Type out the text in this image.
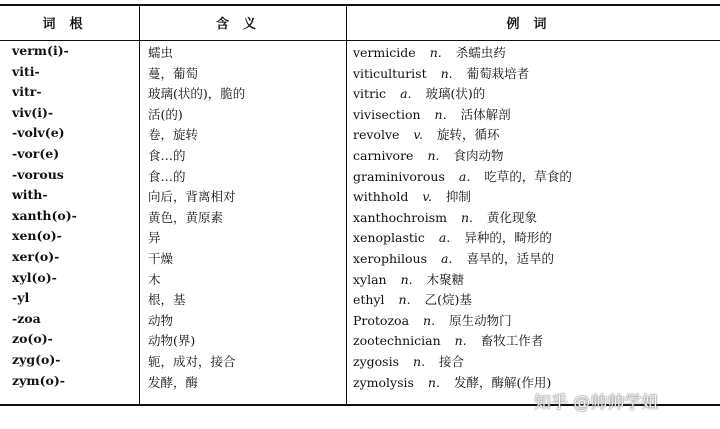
词根	含义	例词
verm(i)-	蠕虫	vermicide n. 杀蠕虫药
viti-	蔓，葡萄	viticulturist n. 葡萄栽培者
vitr-	玻璃(状的)，脆的	vitric a. 玻璃(状)的
viv(i)-	活(的)	vivisection n. 活体解剖
-volv(e)	卷，旋转	revolve v. 旋转，循环
-vor(e)	食…的	carnivore n. 食肉动物
-vorous	食…的	graminivorous a. 吃草的，草食的
with-	向后，背离相对	withhold v. 抑制
xanth(o)-	黄色，黄原素	xanthochroism n. 黄化现象
xen(o)-	异	xenoplastic a. 异种的，畸形的
xer(o)-	干燥	xerophilous a. 喜旱的，适旱的
xyl(o)-	木	xylan n. 木聚糖
-yl	根，基	ethyl n. 乙(烷)基
-zoa	动物	Protozoa n. 原生动物门
zo(o)-	动物(界)	zootechnician n. 畜牧工作者
zyg(o)-	轭，成对，接合	zygosis n. 接合
zym(o)-	发酵，酶	zymolysis n. 发酵，酶解(作用)
知乎 @帅帅学姐
